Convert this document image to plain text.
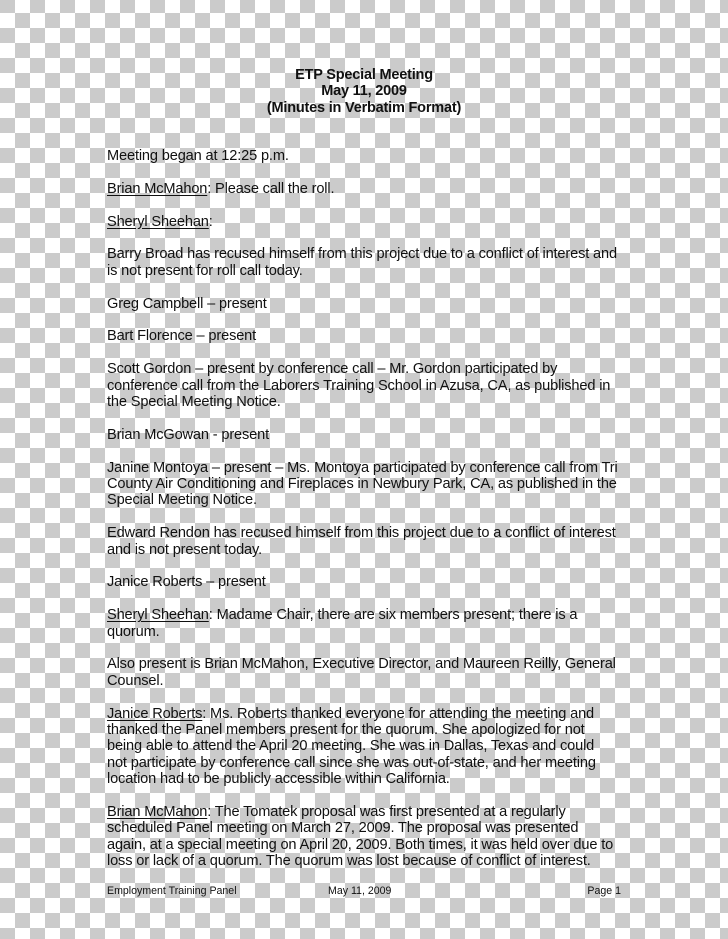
ETP Special Meeting
May 11, 2009
(Minutes in Verbatim Format)

Meeting began at 12:25 p.m.

Brian McMahon: Please call the roll.

Sheryl Sheehan:

Barry Broad has recused himself from this project due to a conflict of interest and
is not present for roll call today.

Greg Campbell – present

Bart Florence – present

Scott Gordon – present by conference call – Mr. Gordon participated by
conference call from the Laborers Training School in Azusa, CA, as published in
the Special Meeting Notice.

Brian McGowan - present

Janine Montoya – present – Ms. Montoya participated by conference call from Tri
County Air Conditioning and Fireplaces in Newbury Park, CA, as published in the
Special Meeting Notice.

Edward Rendon has recused himself from this project due to a conflict of interest
and is not present today.

Janice Roberts – present

Sheryl Sheehan: Madame Chair, there are six members present; there is a
quorum.

Also present is Brian McMahon, Executive Director, and Maureen Reilly, General
Counsel.

Janice Roberts: Ms. Roberts thanked everyone for attending the meeting and
thanked the Panel members present for the quorum. She apologized for not
being able to attend the April 20 meeting. She was in Dallas, Texas and could
not participate by conference call since she was out-of-state, and her meeting
location had to be publicly accessible within California.

Brian McMahon: The Tomatek proposal was first presented at a regularly
scheduled Panel meeting on March 27, 2009. The proposal was presented
again, at a special meeting on April 20, 2009. Both times, it was held over due to
loss or lack of a quorum. The quorum was lost because of conflict of interest.

Employment Training Panel	May 11, 2009	Page 1
